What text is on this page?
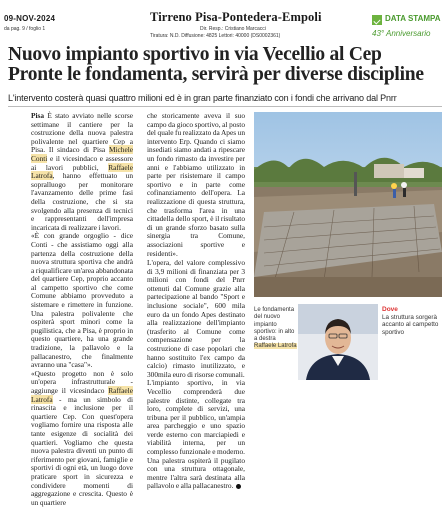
09-NOV-2024
da pag. 9 / foglio 1
Tirreno Pisa-Pontedera-Empoli
Dir. Resp.: Cristiano Marcacci
Tiratura: N.D. Diffusione: 4825 Lettori: 40000 (DS0002361)
DATA STAMPA
43° Anniversario
Nuovo impianto sportivo in via Vecellio al Cep
Pronte le fondamenta, servirà per diverse discipline
L'intervento costerà quasi quattro milioni ed è in gran parte finanziato con i fondi che arrivano dal Pnrr

Pisa È stato avviato nelle scorse settimane il cantiere per la costruzione della nuova palestra polivalente nel quartiere Cep a Pisa. Il sindaco di Pisa Michele Conti e il vicesindaco e assessore ai lavori pubblici, Raffaele Latrofa, hanno effettuato un sopralluogo per monitorare l'avanzamento delle prime fasi della costruzione, che si sta svolgendo alla presenza di tecnici e rappresentanti dell'impresa incaricata di realizzare i lavori.

«È con grande orgoglio - dice Conti - che assistiamo oggi alla partenza della costruzione della nuova struttura sportiva che andrà a riqualificare un'area abbandonata del quartiere Cep, proprio accanto al campetto sportivo che come Comune abbiamo provveduto a sistemare e rimettere in funzione. Una palestra polivalente che ospiterà sport minori come la pugilistica, che a Pisa, è proprio in questo quartiere, ha una grande tradizione, la pallavolo e la pallacanestro, che finalmente avranno una "casa"».

«Questo progetto non è solo un'opera infrastrutturale - aggiunge il vicesindaco Raffaele Latrofa - ma un simbolo di rinascita e inclusione per il quartiere Cep. Con quest'opera vogliamo fornire una risposta alle tante esigenze di socialità dei quartieri. Vogliamo che questa nuova palestra diventi un punto di riferimento per giovani, famiglie e sportivi di ogni età, un luogo dove praticare sport in sicurezza e condividere momenti di aggregazione e crescita. Questo è un quartiere

che storicamente aveva il suo campo da gioco sportivo, al posto del quale fu realizzato da Apes un intervento Erp. Quando ci siamo insediati siamo andati a ripescare un fondo rimasto da investire per anni e l'abbiamo utilizzato in parte per risistemare il campo sportivo e in parte come cofinanziamento dell'opera. La realizzazione di questa struttura, che trasforma l'area in una cittadella dello sport, è il risultato di un grande sforzo basato sulla sinergia tra Comune, associazioni sportive e residenti».

L'opera, del valore complessivo di 3,9 milioni di finanziata per 3 milioni con fondi del Pnrr ottenuti dal Comune grazie alla partecipazione al bando "Sport e inclusione sociale", 600 mila euro da un fondo Apes destinato alla realizzazione dell'impianto (trasferito al Comune come compensazione per la costruzione di case popolari che hanno sostituito l'ex campo da calcio) rimasto inutilizzato, e 300mila euro di risorse comunali.

L'impianto sportivo, in via Vecellio comprenderà due palestre distinte, collegate tra loro, complete di servizi, una tribuna per il pubblico, un'ampia area parcheggio e uno spazio verde esterno con marciapiedi e viabilità interna, per un complesso funzionale e moderno. Una palestra ospiterà il pugilato con una struttura ottagonale, mentre l'altra sarà destinata alla pallavolo e alla pallacanestro.

Le fondamenta del nuovo impianto sportivo: in alto a destra Raffaele Latrofa
Dove
La struttura sorgerà accanto al campetto sportivo
